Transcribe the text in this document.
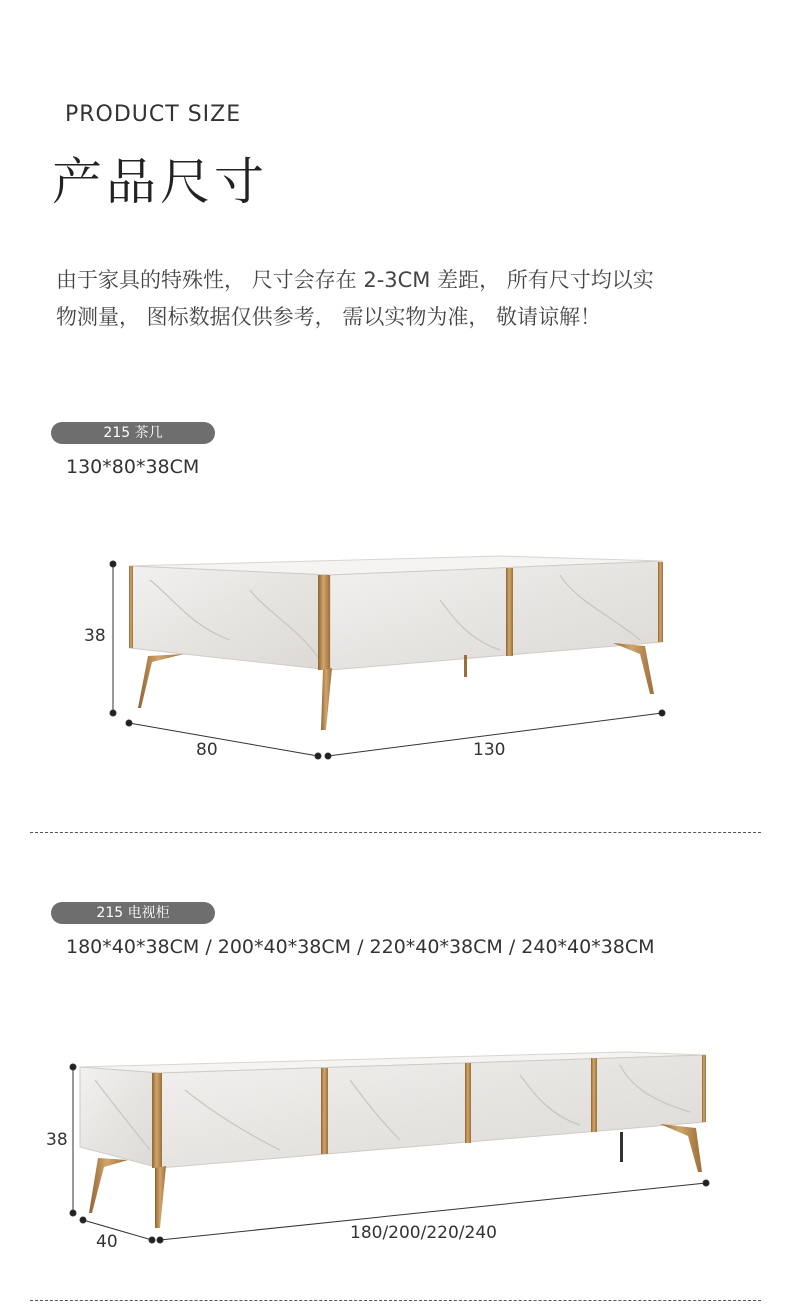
PRODUCT SIZE
产品尺寸

由于家具的特殊性， 尺寸会存在 2-3CM 差距， 所有尺寸均以实

物测量， 图标数据仅供参考， 需以实物为准， 敬请谅解！

215 茶几
130*80*38CM
38
80	130
215 电视柜
180*40*38CM / 200*40*38CM / 220*40*38CM / 240*40*38CM
38
40	180/200/220/240
